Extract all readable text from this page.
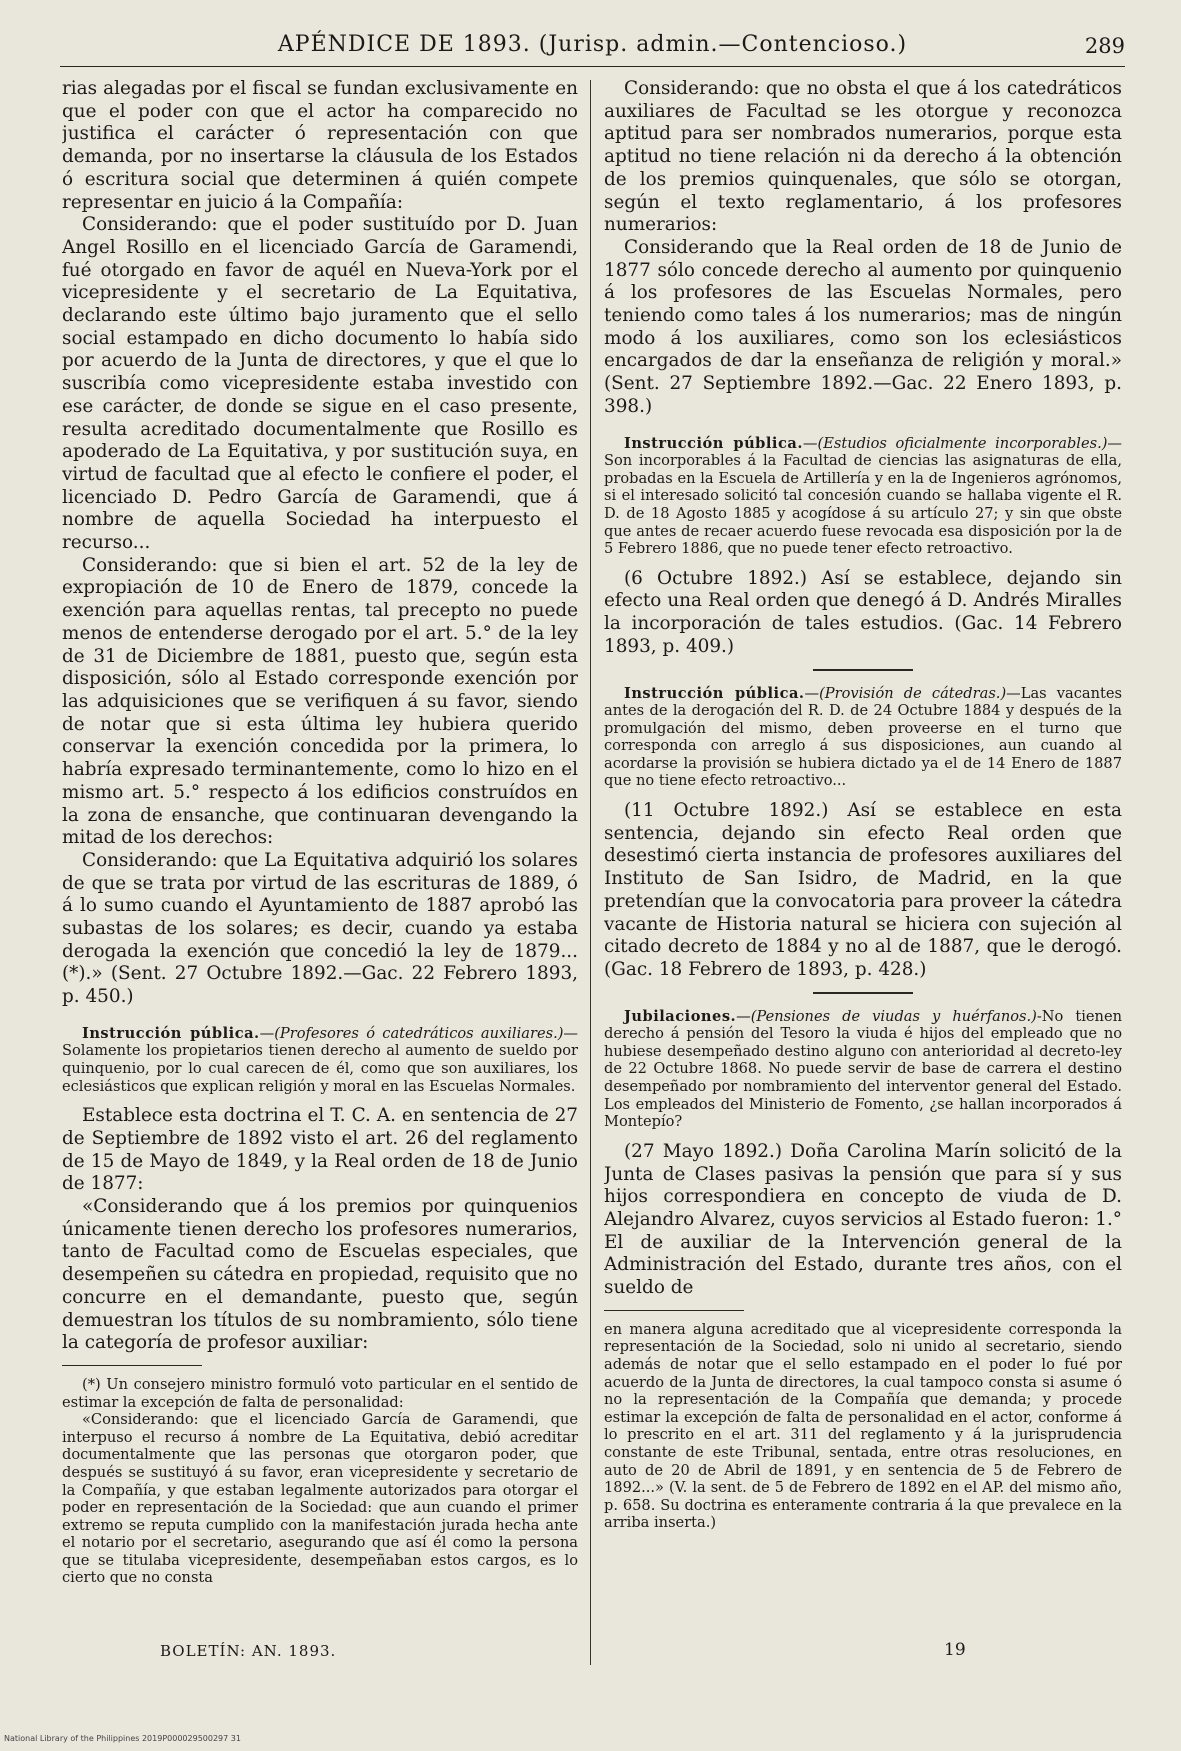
APÉNDICE DE 1893. (Jurisp. admin.—Contencioso.)	289

rias alegadas por el fiscal se fundan exclusivamente en que el poder con que el actor ha comparecido no justifica el carácter ó representación con que demanda, por no insertarse la cláusula de los Estados ó escritura social que determinen á quién compete representar en juicio á la Compañía:

Considerando: que el poder sustituído por D. Juan Angel Rosillo en el licenciado García de Garamendi, fué otorgado en favor de aquél en Nueva-York por el vicepresidente y el secretario de La Equitativa, declarando este último bajo juramento que el sello social estampado en dicho documento lo había sido por acuerdo de la Junta de directores, y que el que lo suscribía como vicepresidente estaba investido con ese carácter, de donde se sigue en el caso presente, resulta acreditado documentalmente que Rosillo es apoderado de La Equitativa, y por sustitución suya, en virtud de facultad que al efecto le confiere el poder, el licenciado D. Pedro García de Garamendi, que á nombre de aquella Sociedad ha interpuesto el recurso...

Considerando: que si bien el art. 52 de la ley de expropiación de 10 de Enero de 1879, concede la exención para aquellas rentas, tal precepto no puede menos de entenderse derogado por el art. 5.° de la ley de 31 de Diciembre de 1881, puesto que, según esta disposición, sólo al Estado corresponde exención por las adquisiciones que se verifiquen á su favor, siendo de notar que si esta última ley hubiera querido conservar la exención concedida por la primera, lo habría expresado terminantemente, como lo hizo en el mismo art. 5.° respecto á los edificios construídos en la zona de ensanche, que continuaran devengando la mitad de los derechos:

Considerando: que La Equitativa adquirió los solares de que se trata por virtud de las escrituras de 1889, ó á lo sumo cuando el Ayuntamiento de 1887 aprobó las subastas de los solares; es decir, cuando ya estaba derogada la exención que concedió la ley de 1879... (*).» (Sent. 27 Octubre 1892.—Gac. 22 Febrero 1893, p. 450.)

Instrucción pública.—(Profesores ó catedráticos auxiliares.)—Solamente los propietarios tienen derecho al aumento de sueldo por quinquenio, por lo cual carecen de él, como que son auxiliares, los eclesiásticos que explican religión y moral en las Escuelas Normales.

Establece esta doctrina el T. C. A. en sentencia de 27 de Septiembre de 1892 visto el art. 26 del reglamento de 15 de Mayo de 1849, y la Real orden de 18 de Junio de 1877:

«Considerando que á los premios por quinquenios únicamente tienen derecho los profesores numerarios, tanto de Facultad como de Escuelas especiales, que desempeñen su cátedra en propiedad, requisito que no concurre en el demandante, puesto que, según demuestran los títulos de su nombramiento, sólo tiene la categoría de profesor auxiliar:

(*) Un consejero ministro formuló voto particular en el sentido de estimar la excepción de falta de personalidad:

«Considerando: que el licenciado García de Garamendi, que interpuso el recurso á nombre de La Equitativa, debió acreditar documentalmente que las personas que otorgaron poder, que después se sustituyó á su favor, eran vicepresidente y secretario de la Compañía, y que estaban legalmente autorizados para otorgar el poder en representación de la Sociedad: que aun cuando el primer extremo se reputa cumplido con la manifestación jurada hecha ante el notario por el secretario, asegurando que así él como la persona que se titulaba vicepresidente, desempeñaban estos cargos, es lo cierto que no consta

Considerando: que no obsta el que á los catedráticos auxiliares de Facultad se les otorgue y reconozca aptitud para ser nombrados numerarios, porque esta aptitud no tiene relación ni da derecho á la obtención de los premios quinquenales, que sólo se otorgan, según el texto reglamentario, á los profesores numerarios:

Considerando que la Real orden de 18 de Junio de 1877 sólo concede derecho al aumento por quinquenio á los profesores de las Escuelas Normales, pero teniendo como tales á los numerarios; mas de ningún modo á los auxiliares, como son los eclesiásticos encargados de dar la enseñanza de religión y moral.» (Sent. 27 Septiembre 1892.—Gac. 22 Enero 1893, p. 398.)

Instrucción pública.—(Estudios oficialmente incorporables.)—Son incorporables á la Facultad de ciencias las asignaturas de ella, probadas en la Escuela de Artillería y en la de Ingenieros agrónomos, si el interesado solicitó tal concesión cuando se hallaba vigente el R. D. de 18 Agosto 1885 y acogídose á su artículo 27; y sin que obste que antes de recaer acuerdo fuese revocada esa disposición por la de 5 Febrero 1886, que no puede tener efecto retroactivo.

(6 Octubre 1892.) Así se establece, dejando sin efecto una Real orden que denegó á D. Andrés Miralles la incorporación de tales estudios. (Gac. 14 Febrero 1893, p. 409.)

Instrucción pública.—(Provisión de cátedras.)—Las vacantes antes de la derogación del R. D. de 24 Octubre 1884 y después de la promulgación del mismo, deben proveerse en el turno que corresponda con arreglo á sus disposiciones, aun cuando al acordarse la provisión se hubiera dictado ya el de 14 Enero de 1887 que no tiene efecto retroactivo...

(11 Octubre 1892.) Así se establece en esta sentencia, dejando sin efecto Real orden que desestimó cierta instancia de profesores auxiliares del Instituto de San Isidro, de Madrid, en la que pretendían que la convocatoria para proveer la cátedra vacante de Historia natural se hiciera con sujeción al citado decreto de 1884 y no al de 1887, que le derogó. (Gac. 18 Febrero de 1893, p. 428.)

Jubilaciones.—(Pensiones de viudas y huérfanos.)-No tienen derecho á pensión del Tesoro la viuda é hijos del empleado que no hubiese desempeñado destino alguno con anterioridad al decreto-ley de 22 Octubre 1868. No puede servir de base de carrera el destino desempeñado por nombramiento del interventor general del Estado. Los empleados del Ministerio de Fomento, ¿se hallan incorporados á Montepío?

(27 Mayo 1892.) Doña Carolina Marín solicitó de la Junta de Clases pasivas la pensión que para sí y sus hijos correspondiera en concepto de viuda de D. Alejandro Alvarez, cuyos servicios al Estado fueron: 1.° El de auxiliar de la Intervención general de la Administración del Estado, durante tres años, con el sueldo de

en manera alguna acreditado que al vicepresidente corresponda la representación de la Sociedad, solo ni unido al secretario, siendo además de notar que el sello estampado en el poder lo fué por acuerdo de la Junta de directores, la cual tampoco consta si asume ó no la representación de la Compañía que demanda; y procede estimar la excepción de falta de personalidad en el actor, conforme á lo prescrito en el art. 311 del reglamento y á la jurisprudencia constante de este Tribunal, sentada, entre otras resoluciones, en auto de 20 de Abril de 1891, y en sentencia de 5 de Febrero de 1892...» (V. la sent. de 5 de Febrero de 1892 en el AP. del mismo año, p. 658. Su doctrina es enteramente contraria á la que prevalece en la arriba inserta.)

BOLETÍN: AN. 1893.	19
National Library of the Philippines 2019P000029500297 31
